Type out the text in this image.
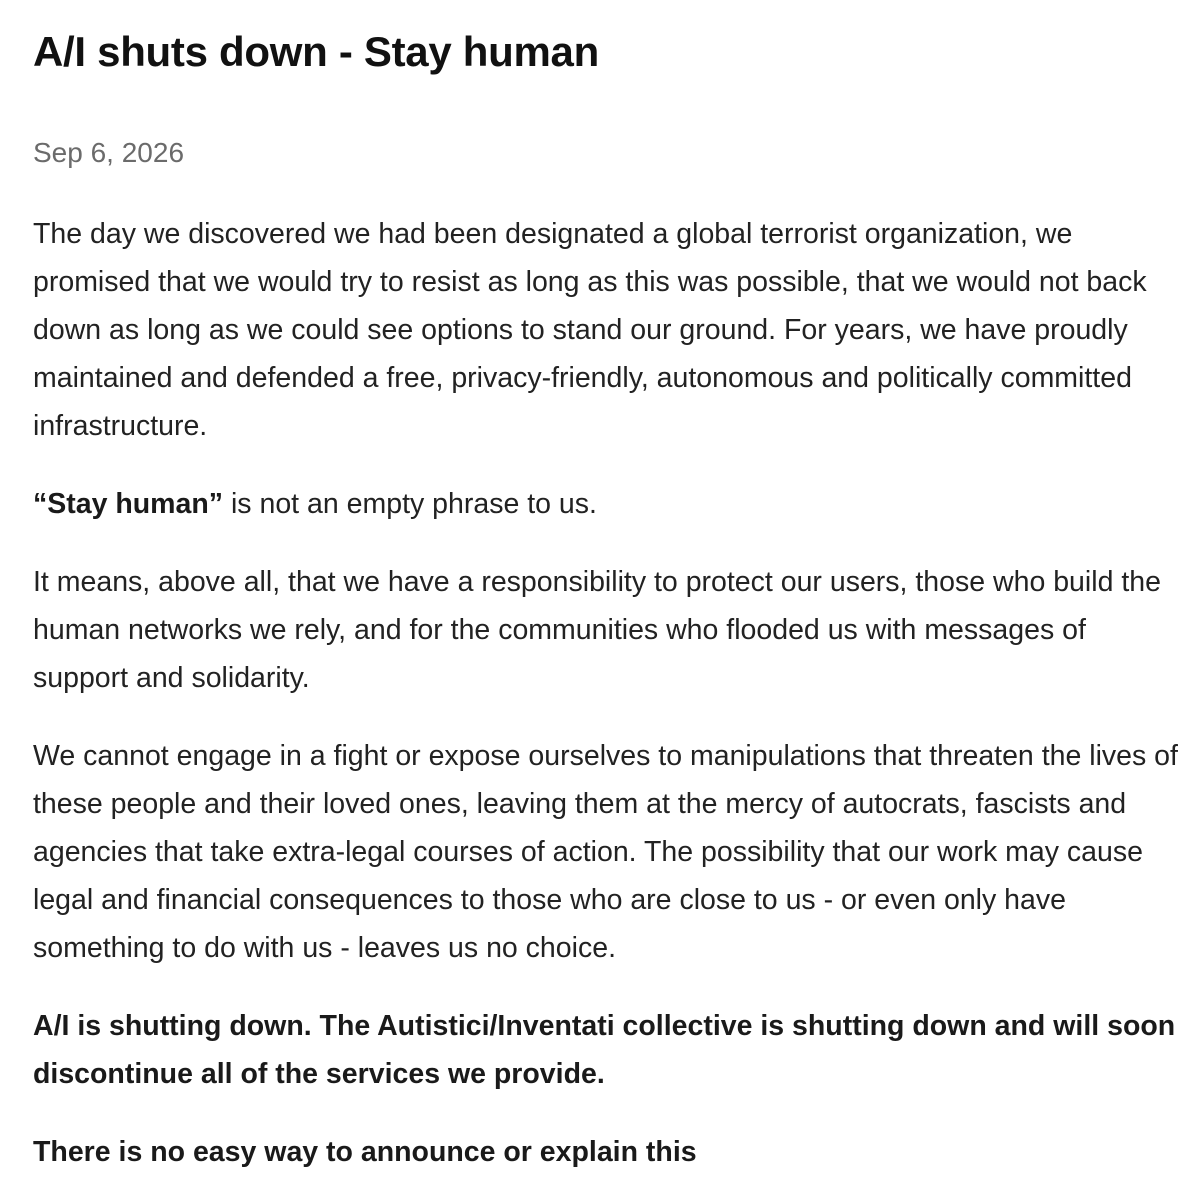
A/I shuts down - Stay human

Sep 6, 2026

The day we discovered we had been designated a global terrorist organization, we promised that we would try to resist as long as this was possible, that we would not back down as long as we could see options to stand our ground. For years, we have proudly maintained and defended a free, privacy-friendly, autonomous and politically committed infrastructure.

“Stay human” is not an empty phrase to us.

It means, above all, that we have a responsibility to protect our users, those who build the human networks we rely, and for the communities who flooded us with messages of support and solidarity.

We cannot engage in a fight or expose ourselves to manipulations that threaten the lives of these people and their loved ones, leaving them at the mercy of autocrats, fascists and agencies that take extra-legal courses of action. The possibility that our work may cause legal and financial consequences to those who are close to us - or even only have something to do with us - leaves us no choice.

A/I is shutting down. The Autistici/Inventati collective is shutting down and will soon discontinue all of the services we provide.

There is no easy way to announce or explain this
